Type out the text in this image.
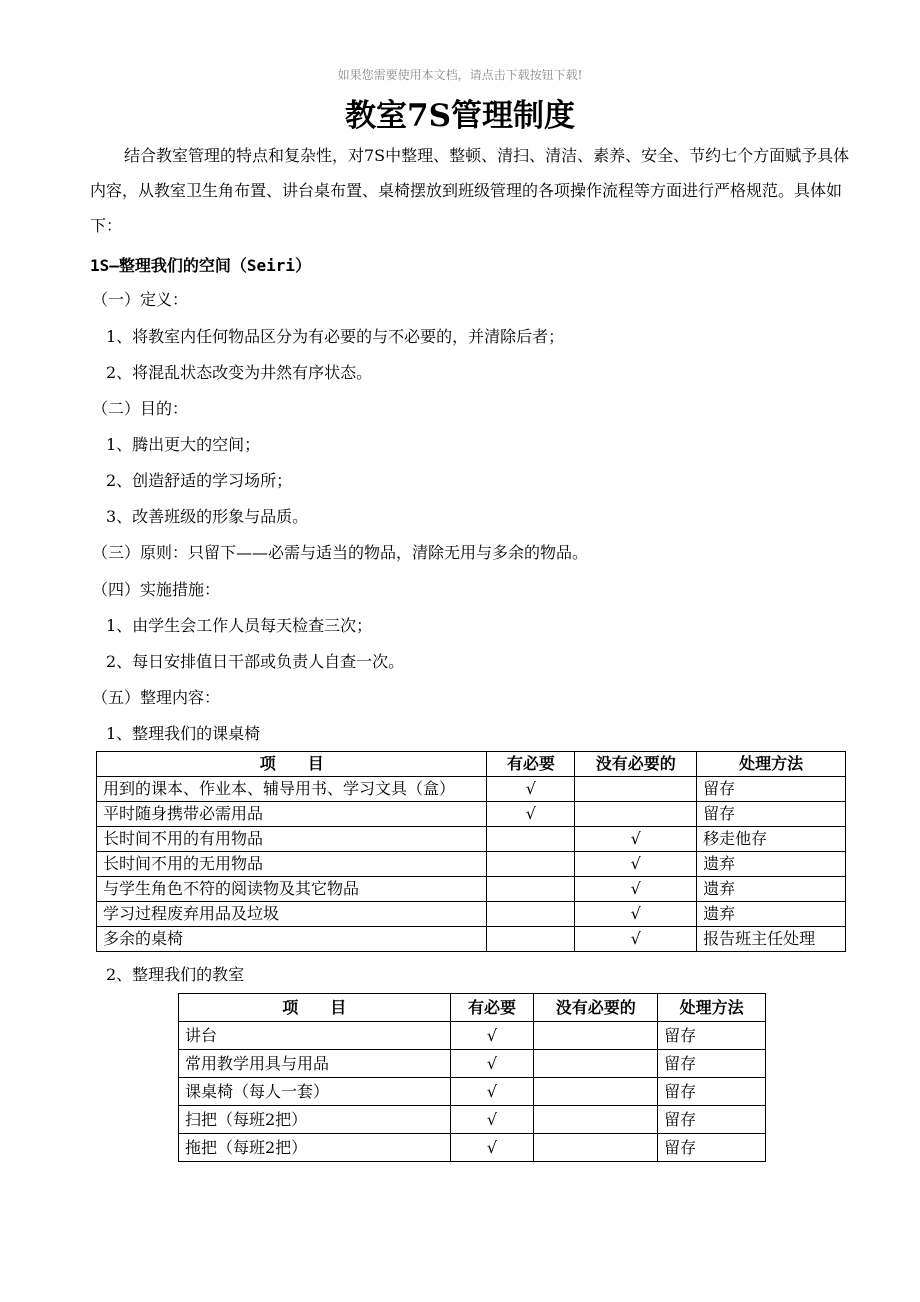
如果您需要使用本文档，请点击下载按钮下载!
教室7S管理制度
结合教室管理的特点和复杂性，对7S中整理、整顿、清扫、清洁、素养、安全、节约七个方面赋予具体内容，从教室卫生角布置、讲台桌布置、桌椅摆放到班级管理的各项操作流程等方面进行严格规范。具体如下：
1S—整理我们的空间（Seiri）
（一）定义：
1、将教室内任何物品区分为有必要的与不必要的，并清除后者；
2、将混乱状态改变为井然有序状态。
（二）目的：
1、腾出更大的空间；
2、创造舒适的学习场所；
3、改善班级的形象与品质。
（三）原则：只留下——必需与适当的物品，清除无用与多余的物品。
（四）实施措施：
1、由学生会工作人员每天检查三次；
2、每日安排值日干部或负责人自查一次。
（五）整理内容：
1、整理我们的课桌椅
项　　目	有必要	没有必要的	处理方法
用到的课本、作业本、辅导用书、学习文具（盒）	√		留存
平时随身携带必需用品	√		留存
长时间不用的有用物品		√	移走他存
长时间不用的无用物品		√	遗弃
与学生角色不符的阅读物及其它物品		√	遗弃
学习过程废弃用品及垃圾		√	遗弃
多余的桌椅		√	报告班主任处理
2、整理我们的教室
项　　目	有必要	没有必要的	处理方法
讲台	√		留存
常用教学用具与用品	√		留存
课桌椅（每人一套）	√		留存
扫把（每班2把）	√		留存
拖把（每班2把）	√		留存
